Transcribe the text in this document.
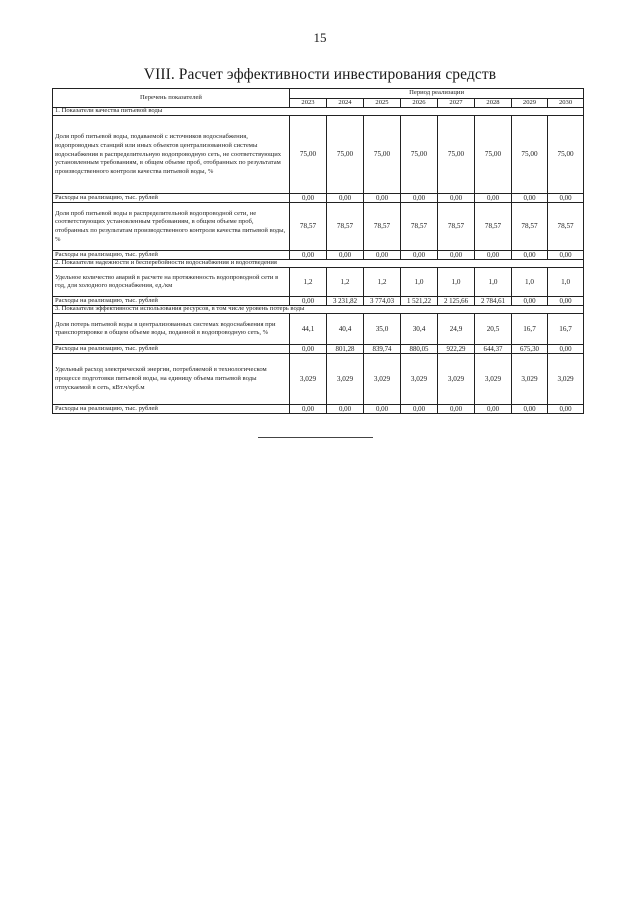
15
VIII. Расчет эффективности инвестирования средств
Перечень показателей	Период реализации							
	2023	2024	2025	2026	2027	2028	2029	2030
1. Показатели качества питьевой воды								
Доля проб питьевой воды, подаваемой с источников водоснабжения, водопроводных станций или иных объектов централизованной системы водоснабжения в распределительную водопроводную сеть, не соответствующих установленным требованиям, в общем объеме проб, отобранных по результатам производственного контроля качества питьевой воды, %	75,00	75,00	75,00	75,00	75,00	75,00	75,00	75,00
Расходы на реализацию, тыс. рублей	0,00	0,00	0,00	0,00	0,00	0,00	0,00	0,00
Доля проб питьевой воды в распределительной водопроводной сети, не соответствующих установленным требованиям, в общем объеме проб, отобранных по результатам производственного контроля качества питьевой воды, %	78,57	78,57	78,57	78,57	78,57	78,57	78,57	78,57
Расходы на реализацию, тыс. рублей	0,00	0,00	0,00	0,00	0,00	0,00	0,00	0,00
2. Показатели надежности и бесперебойности водоснабжения и водоотведения								
Удельное количество аварий в расчете на протяженность водопроводной сети в год, для холодного водоснабжения, ед./км	1,2	1,2	1,2	1,0	1,0	1,0	1,0	1,0
Расходы на реализацию, тыс. рублей	0,00	3 231,82	3 774,03	1 521,22	2 125,66	2 784,61	0,00	0,00
3. Показатели эффективности использования ресурсов, в том числе уровень потерь воды								
Доля потерь питьевой воды в централизованных системах водоснабжения при транспортировке в общем объеме воды, поданной в водопроводную сеть, %	44,1	40,4	35,0	30,4	24,9	20,5	16,7	16,7
Расходы на реализацию, тыс. рублей	0,00	801,28	839,74	880,05	922,29	644,37	675,30	0,00
Удельный расход электрической энергии, потребляемой в технологическом процессе подготовки питьевой воды, на единицу объема питьевой воды отпускаемой в сеть, кВт.ч/куб.м	3,029	3,029	3,029	3,029	3,029	3,029	3,029	3,029
Расходы на реализацию, тыс. рублей	0,00	0,00	0,00	0,00	0,00	0,00	0,00	0,00
